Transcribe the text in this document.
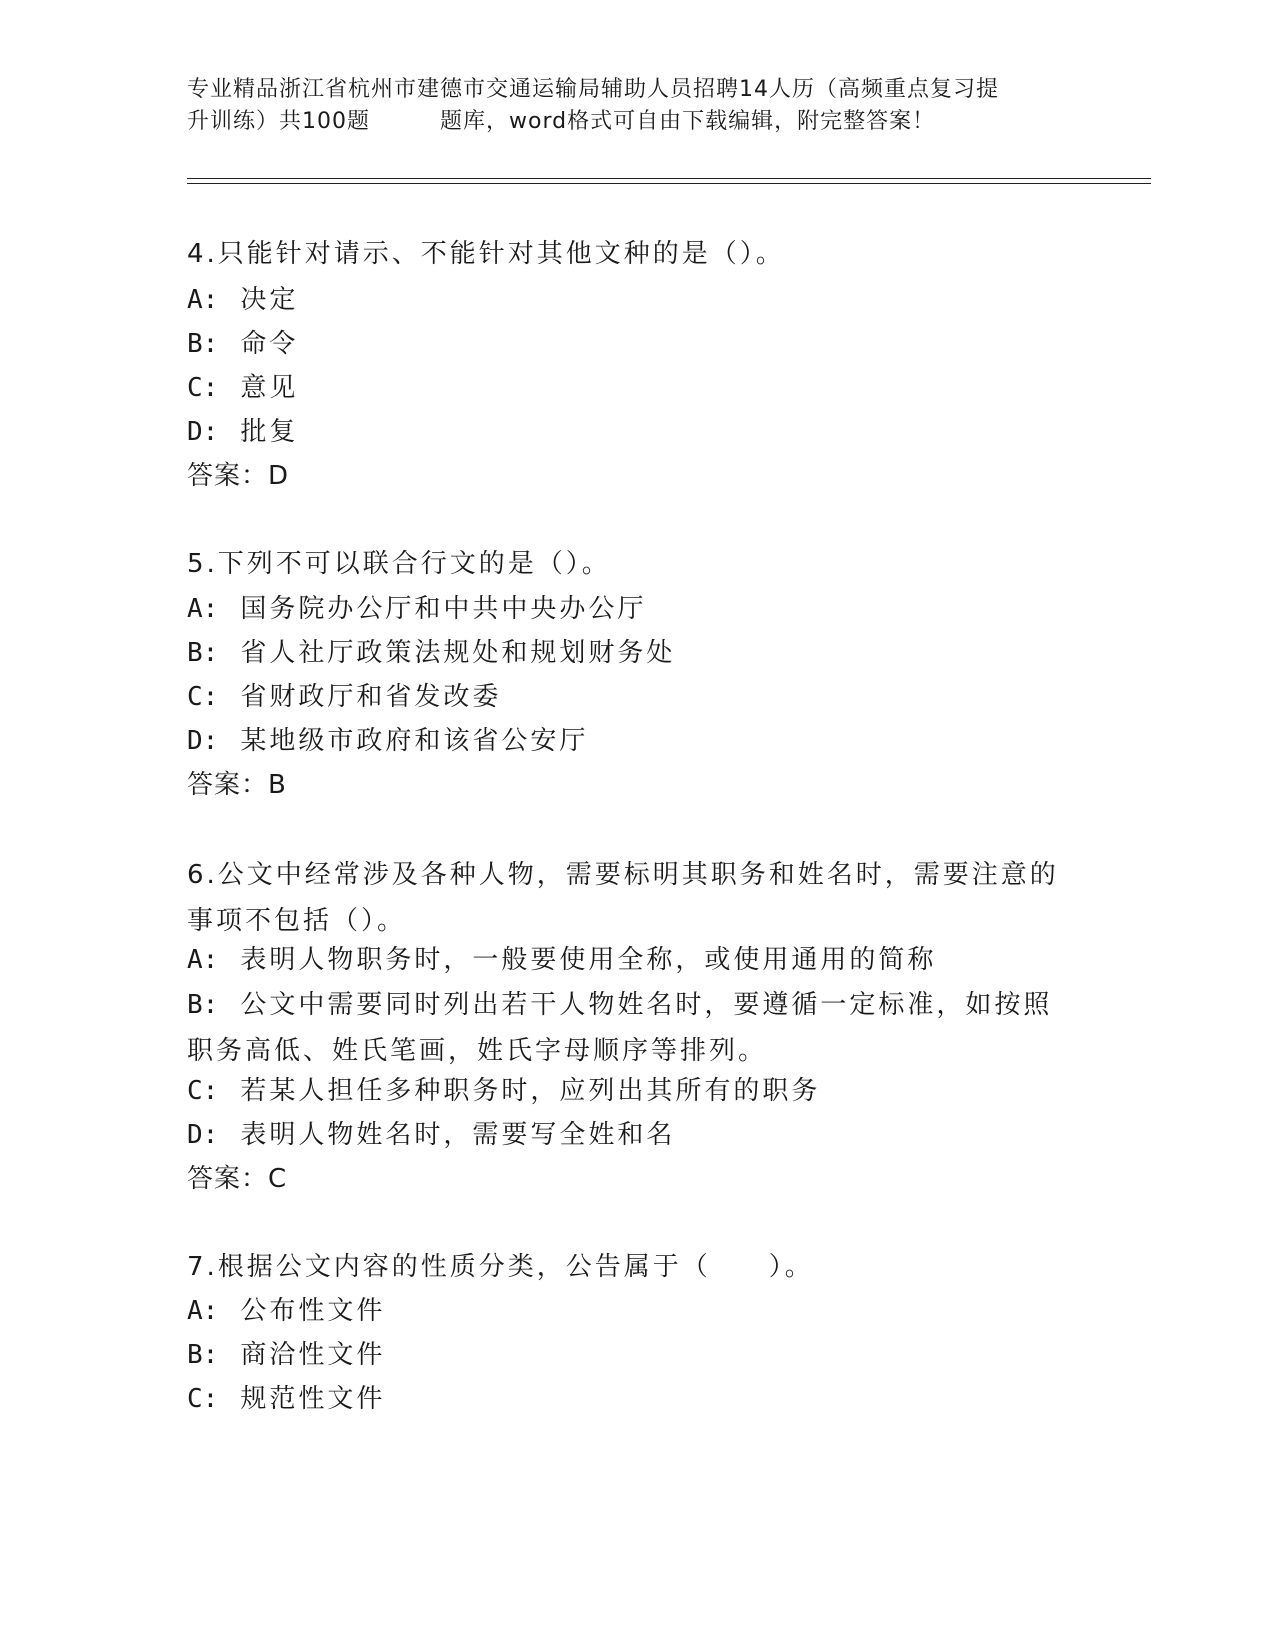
专业精品浙江省杭州市建德市交通运输局辅助人员招聘14人历（高频重点复习提
升训练）共100题	题库，word格式可自由下载编辑，附完整答案！
4.只能针对请示、不能针对其他文种的是（）。
A: 决定
B: 命令
C: 意见
D: 批复
答案：D
5.下列不可以联合行文的是（）。
A: 国务院办公厅和中共中央办公厅
B: 省人社厅政策法规处和规划财务处
C: 省财政厅和省发改委
D: 某地级市政府和该省公安厅
答案：B
6.公文中经常涉及各种人物，需要标明其职务和姓名时，需要注意的事项不包括（）。
A: 表明人物职务时，一般要使用全称，或使用通用的简称
B: 公文中需要同时列出若干人物姓名时，要遵循一定标准，如按照职务高低、姓氏笔画，姓氏字母顺序等排列。
C: 若某人担任多种职务时，应列出其所有的职务
D: 表明人物姓名时，需要写全姓和名
答案：C
7.根据公文内容的性质分类，公告属于（　　）。
A: 公布性文件
B: 商洽性文件
C: 规范性文件
